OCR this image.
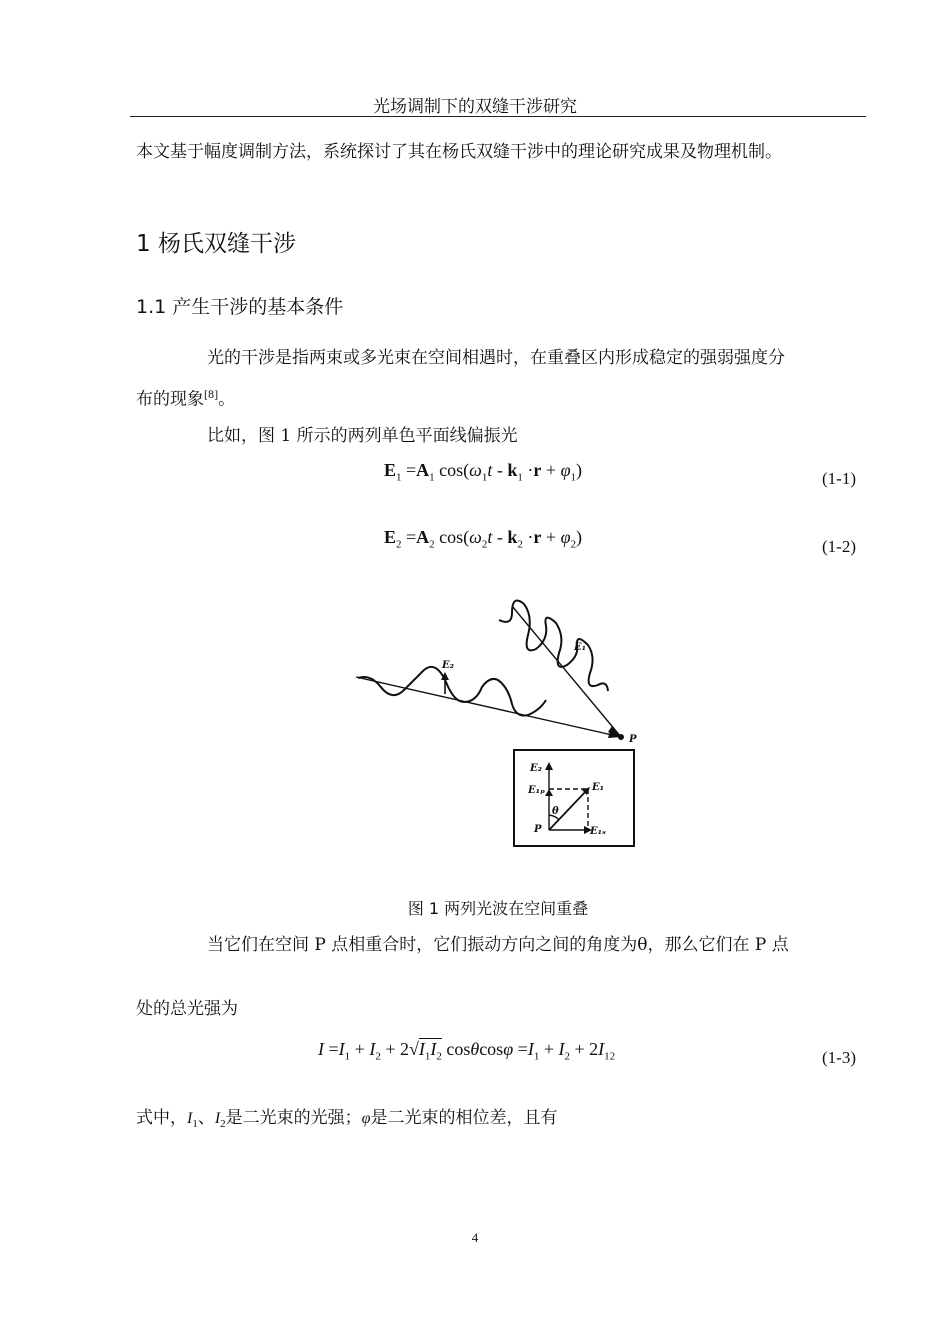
光场调制下的双缝干涉研究
本文基于幅度调制方法，系统探讨了其在杨氏双缝干涉中的理论研究成果及物理机制。
1 杨氏双缝干涉
1.1 产生干涉的基本条件
光的干涉是指两束或多光束在空间相遇时，在重叠区内形成稳定的强弱强度分
布的现象[8]。
比如，图 1 所示的两列单色平面线偏振光
$E_1 =A_1$ $\cos(\omega_1t - k_1 \cdot r + \varphi_1)$	(1-1)
$E_2 =A_2$ $\cos(\omega_2t - k_2 \cdot r + \varphi_2)$	(1-2)
E₁
E₂
P
E₂
E₁ₚ	E₁
θ
P	E₁ₛ
图 1 两列光波在空间重叠
当它们在空间 P 点相重合时，它们振动方向之间的角度为θ，那么它们在 P 点
处的总光强为
$I =I_1 + I_2 + 2√I_1I_2$ $\cos\theta\cos\varphi =I_1 + I_2 + 2I_{12}$	(1-3)
式中，$I_1$、$I_2$是二光束的光强；φ是二光束的相位差，且有
4
